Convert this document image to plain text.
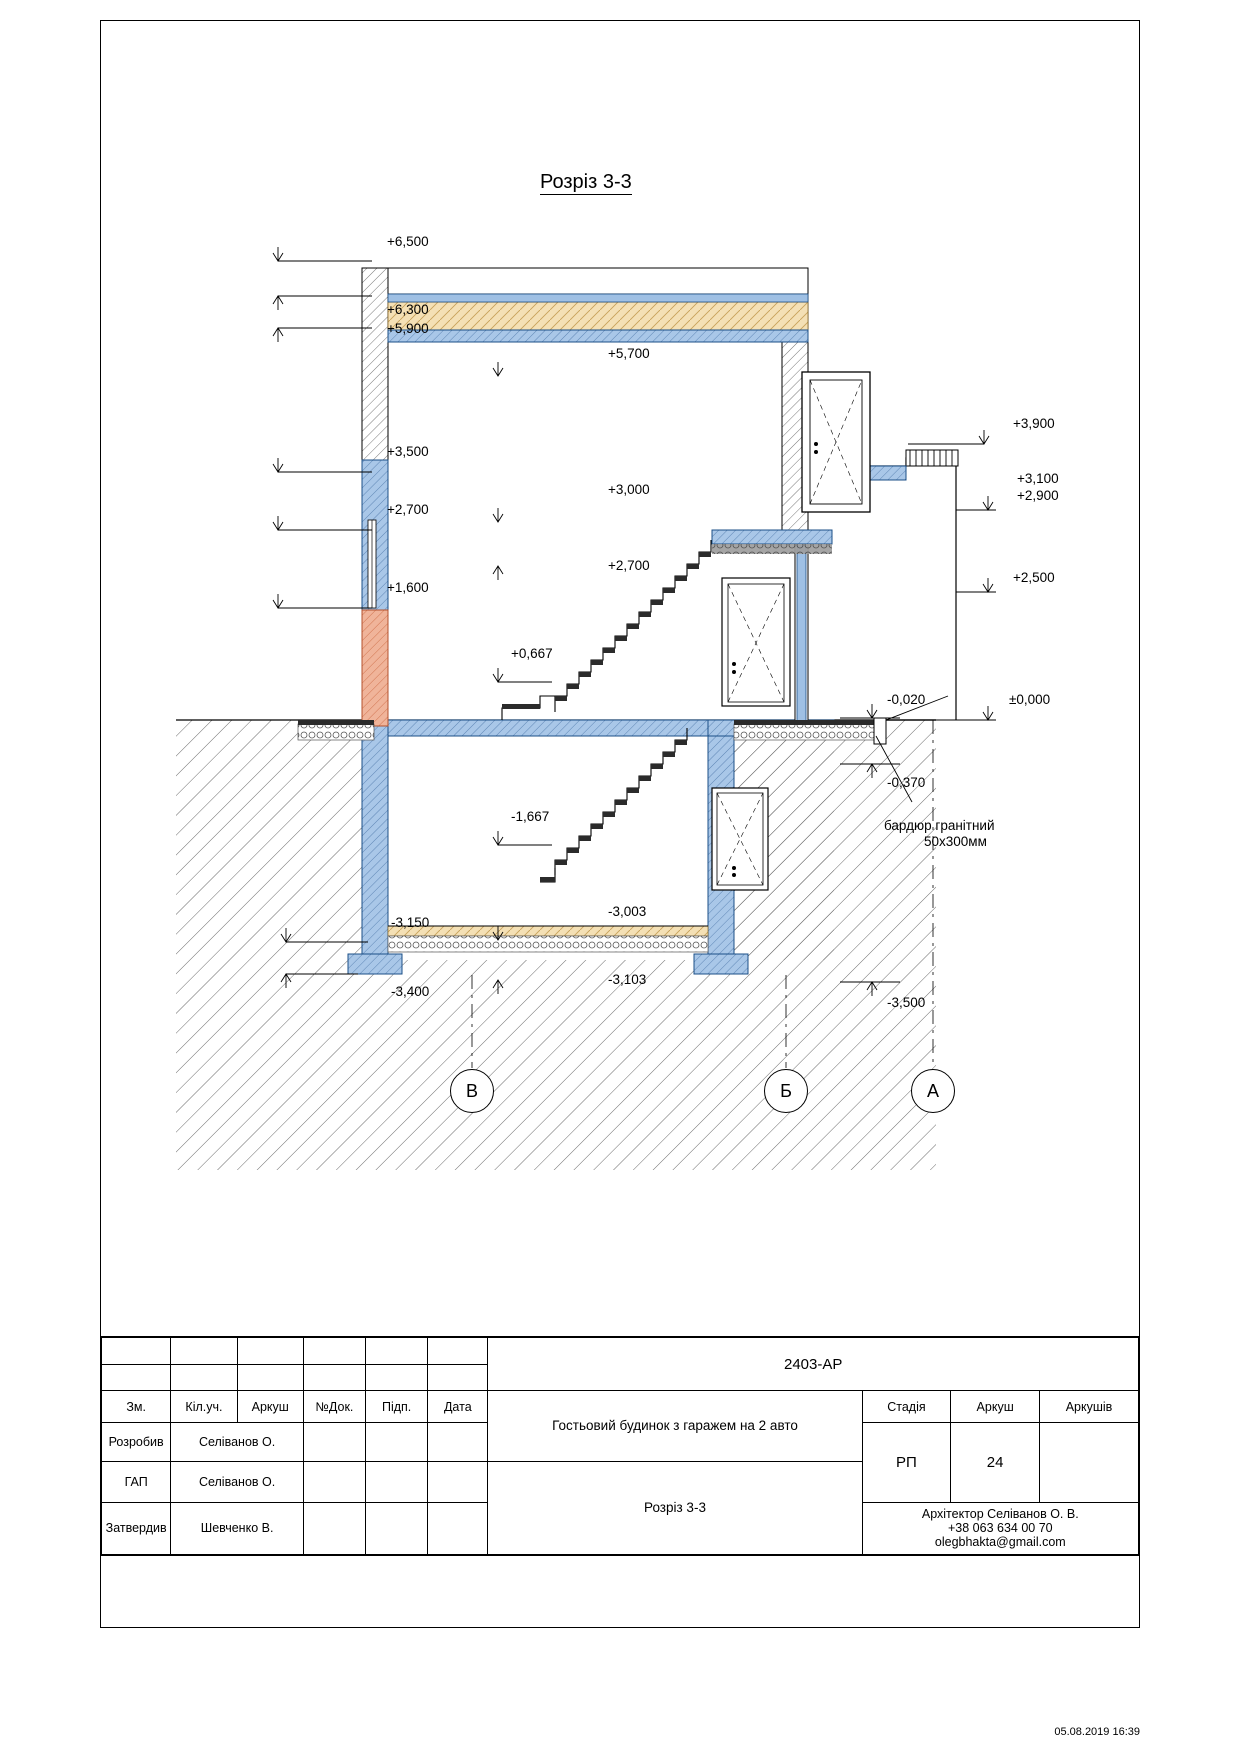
Розріз 3-3
+6,500
+6,300
+5,900
+3,500
+2,700
+1,600
-3,150
-3,400
+5,700
+3,000
+2,700
+0,667
-1,667
-3,003
-3,103
+3,900
+3,100
+2,900
+2,500
-0,020	±0,000
-0,370
-3,500
бардюр гранітний
50х300мм
В	Б	А
						2403-АР			

Зм.	Кіл.уч.	Аркуш	№Док.	Підп.	Дата	Гостьовий будинок з гаражем на 2 авто	Стадія	Аркуш	Аркушів
Розробив	Селіванов О.						РП	24	
ГАП	Селіванов О.					Розріз 3-3			
Затвердив	Шевченко В.						Архітектор Селіванов О. В.
+38 063 634 00 70
olegbhakta@gmail.com		
05.08.2019 16:39
